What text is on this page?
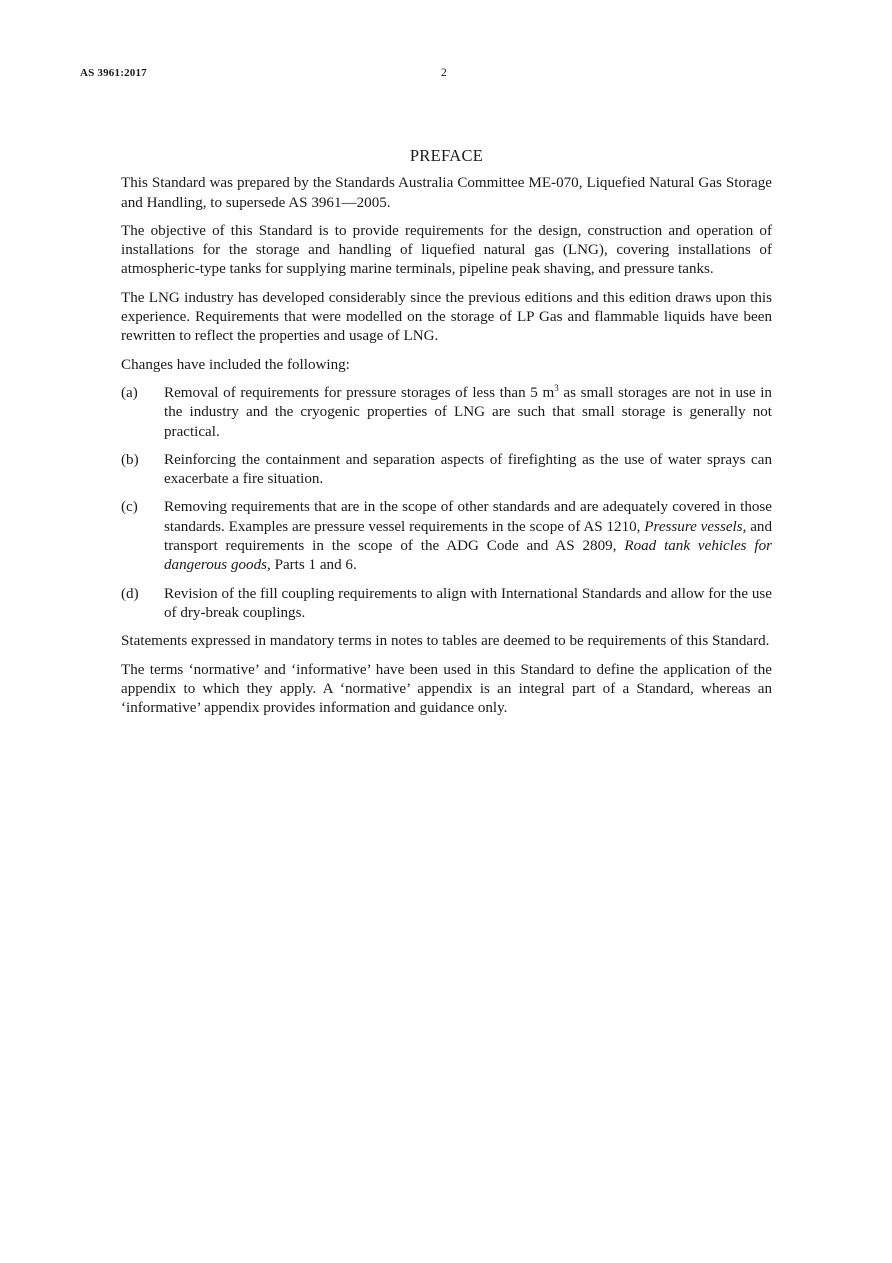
AS 3961:2017	2
PREFACE

This Standard was prepared by the Standards Australia Committee ME-070, Liquefied Natural Gas Storage and Handling, to supersede AS 3961—2005.

The objective of this Standard is to provide requirements for the design, construction and operation of installations for the storage and handling of liquefied natural gas (LNG), covering installations of atmospheric-type tanks for supplying marine terminals, pipeline peak shaving, and pressure tanks.

The LNG industry has developed considerably since the previous editions and this edition draws upon this experience. Requirements that were modelled on the storage of LP Gas and flammable liquids have been rewritten to reflect the properties and usage of LNG.

Changes have included the following:

(a)	Removal of requirements for pressure storages of less than 5 $m^3$ as small storages are not in use in the industry and the cryogenic properties of LNG are such that small storage is generally not practical.
(b)	Reinforcing the containment and separation aspects of firefighting as the use of water sprays can exacerbate a fire situation.
(c)	Removing requirements that are in the scope of other standards and are adequately covered in those standards. Examples are pressure vessel requirements in the scope of AS 1210, Pressure vessels, and transport requirements in the scope of the ADG Code and AS 2809, Road tank vehicles for dangerous goods, Parts 1 and 6.
(d)	Revision of the fill coupling requirements to align with International Standards and allow for the use of dry-break couplings.

Statements expressed in mandatory terms in notes to tables are deemed to be requirements of this Standard.

The terms ‘normative’ and ‘informative’ have been used in this Standard to define the application of the appendix to which they apply. A ‘normative’ appendix is an integral part of a Standard, whereas an ‘informative’ appendix provides information and guidance only.
